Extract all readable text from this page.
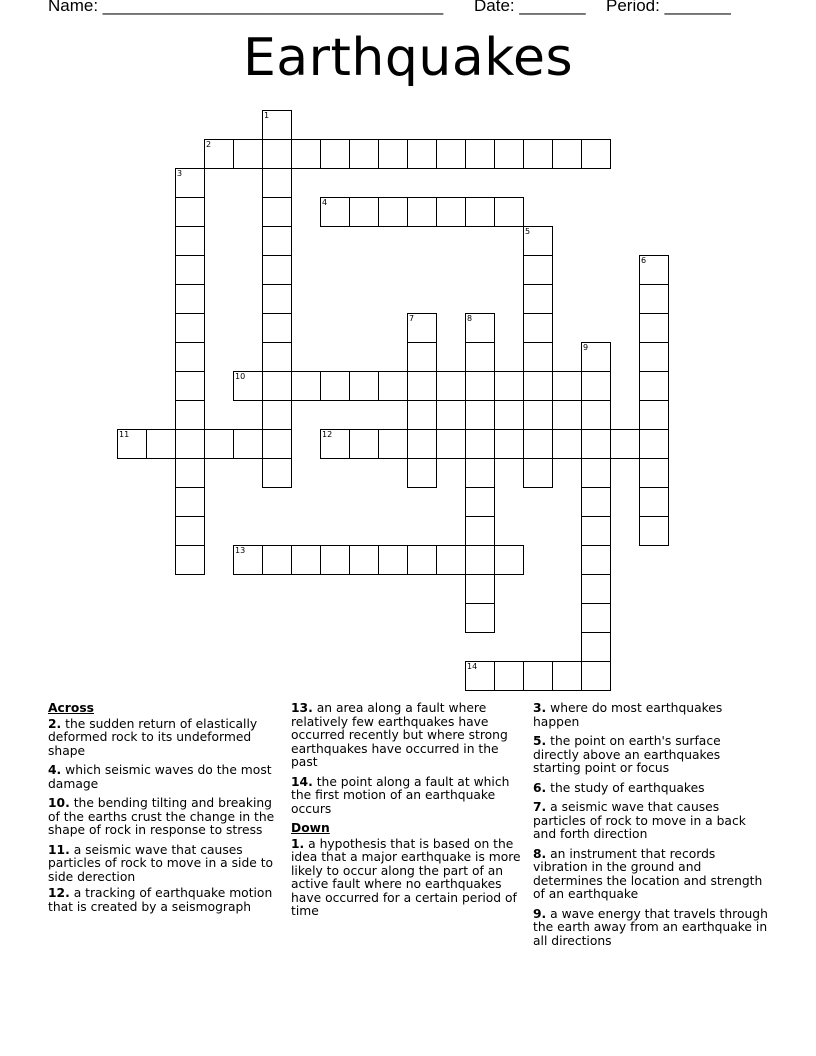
Name: ____________________________________ Date: _______ Period: _______
Earthquakes
2
4
10
11	12
13
14
1
3
5
6
7	8
9
Across
2. the sudden return of elastically deformed rock to its undeformed shape
4. which seismic waves do the most damage
10. the bending tilting and breaking of the earths crust the change in the shape of rock in response to stress
11. a seismic wave that causes particles of rock to move in a side to side derection
12. a tracking of earthquake motion that is created by a seismograph
13. an area along a fault where relatively few earthquakes have occurred recently but where strong earthquakes have occurred in the past
14. the point along a fault at which the first motion of an earthquake occurs
Down
1. a hypothesis that is based on the idea that a major earthquake is more likely to occur along the part of an active fault where no earthquakes have occurred for a certain period of time
3. where do most earthquakes happen
5. the point on earth's surface directly above an earthquakes starting point or focus
6. the study of earthquakes
7. a seismic wave that causes particles of rock to move in a back and forth direction
8. an instrument that records vibration in the ground and determines the location and strength of an earthquake
9. a wave energy that travels through the earth away from an earthquake in all directions
